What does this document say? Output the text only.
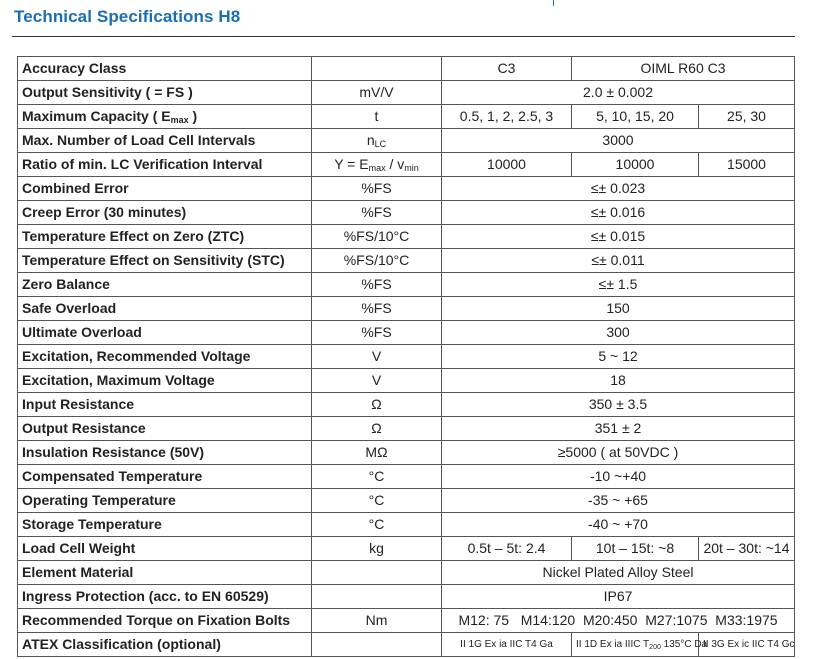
Technical Specifications H8
Accuracy Class		C3	OIML R60 C3	
Output Sensitivity ( = FS )	mV/V	2.0 ± 0.002		
Maximum Capacity ( $E_{max}$ )	t	0.5, 1, 2, 2.5, 3	5, 10, 15, 20	25, 30
Max. Number of Load Cell Intervals	$n_{LC}$	3000		
Ratio of min. LC Verification Interval	$Y = E_{max} / v_{min}$	10000	10000	15000
Combined Error	%FS	≤± 0.023		
Creep Error (30 minutes)	%FS	≤± 0.016		
Temperature Effect on Zero (ZTC)	%FS/10°C	≤± 0.015		
Temperature Effect on Sensitivity (STC)	%FS/10°C	≤± 0.011		
Zero Balance	%FS	≤± 1.5		
Safe Overload	%FS	150		
Ultimate Overload	%FS	300		
Excitation, Recommended Voltage	V	5 ~ 12		
Excitation, Maximum Voltage	V	18		
Input Resistance	Ω	350 ± 3.5		
Output Resistance	Ω	351 ± 2		
Insulation Resistance (50V)	MΩ	≥5000 ( at 50VDC )		
Compensated Temperature	°C	-10 ~+40		
Operating Temperature	°C	-35 ~ +65		
Storage Temperature	°C	-40 ~ +70		
Load Cell Weight	kg	0.5t – 5t: 2.4	10t – 15t: ~8	20t – 30t: ~14
Element Material		Nickel Plated Alloy Steel		
Ingress Protection (acc. to EN 60529)		IP67		
Recommended Torque on Fixation Bolts	Nm	M12: 75   M14:120  M20:450  M27:1075  M33:1975		
ATEX Classification (optional)		II 1G Ex ia IIC T4 Ga	II 1D Ex ia IIIC $T_{200}$ 135°C Da	II 3G Ex ic IIC T4 Gc
